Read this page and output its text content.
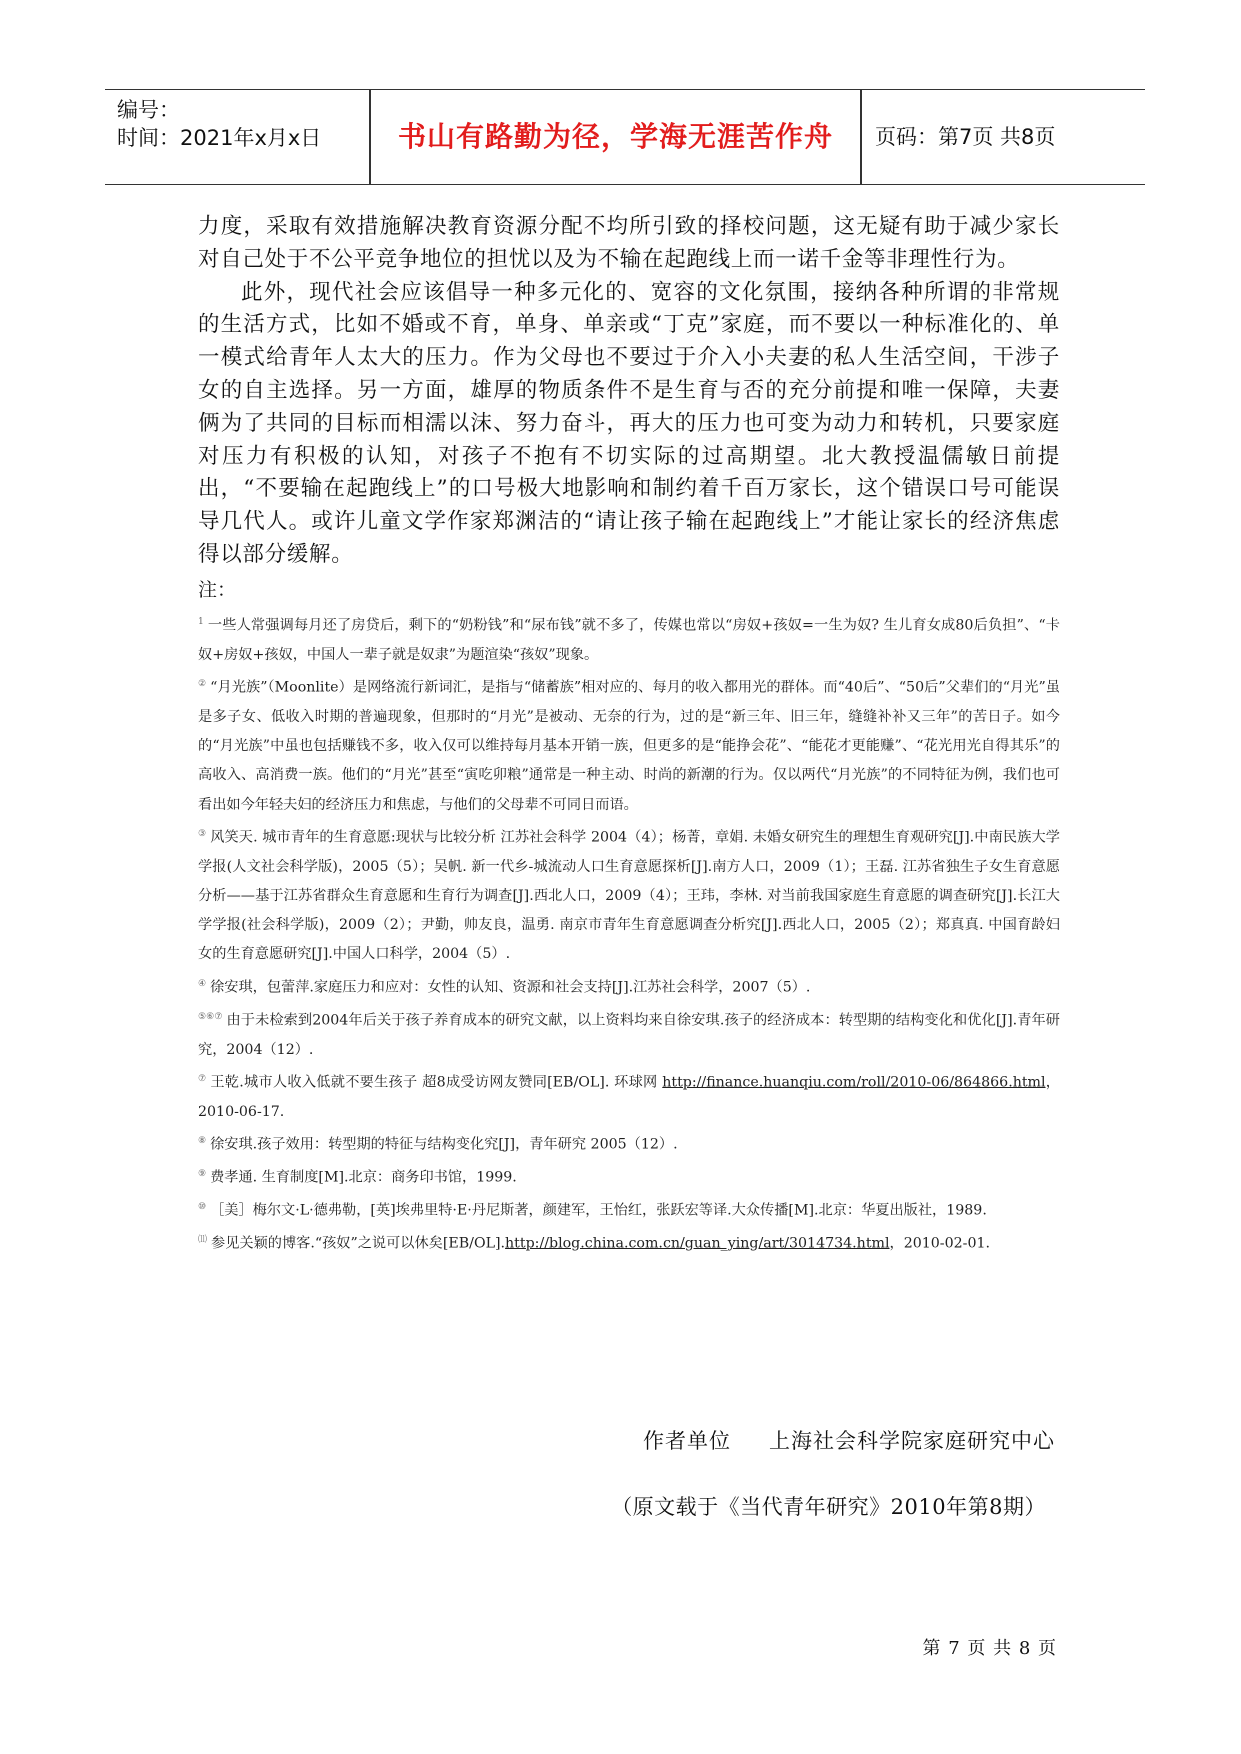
编号：
时间：2021年x月x日	书山有路勤为径，学海无涯苦作舟	页码：第7页 共8页

力度，采取有效措施解决教育资源分配不均所引致的择校问题，这无疑有助于减少家长对自己处于不公平竞争地位的担忧以及为不输在起跑线上而一诺千金等非理性行为。

此外，现代社会应该倡导一种多元化的、宽容的文化氛围，接纳各种所谓的非常规的生活方式，比如不婚或不育，单身、单亲或“丁克”家庭，而不要以一种标准化的、单一模式给青年人太大的压力。作为父母也不要过于介入小夫妻的私人生活空间，干涉子女的自主选择。另一方面，雄厚的物质条件不是生育与否的充分前提和唯一保障，夫妻俩为了共同的目标而相濡以沫、努力奋斗，再大的压力也可变为动力和转机，只要家庭对压力有积极的认知，对孩子不抱有不切实际的过高期望。北大教授温儒敏日前提出，“不要输在起跑线上”的口号极大地影响和制约着千百万家长，这个错误口号可能误导几代人。或许儿童文学作家郑渊洁的“请让孩子输在起跑线上”才能让家长的经济焦虑得以部分缓解。

注：

$^1$ 一些人常强调每月还了房贷后，剩下的“奶粉钱”和“尿布钱”就不多了，传媒也常以“房奴+孩奴=一生为奴? 生儿育女成80后负担”、“卡奴+房奴+孩奴，中国人一辈子就是奴隶”为题渲染“孩奴”现象。

② “月光族”（Moonlite）是网络流行新词汇，是指与“储蓄族”相对应的、每月的收入都用光的群体。而“40后”、“50后”父辈们的“月光”虽是多子女、低收入时期的普遍现象，但那时的“月光”是被动、无奈的行为，过的是“新三年、旧三年，缝缝补补又三年”的苦日子。如今的“月光族”中虽也包括赚钱不多，收入仅可以维持每月基本开销一族，但更多的是“能挣会花”、“能花才更能赚”、“花光用光自得其乐”的高收入、高消费一族。他们的“月光”甚至“寅吃卯粮”通常是一种主动、时尚的新潮的行为。仅以两代“月光族”的不同特征为例，我们也可看出如今年轻夫妇的经济压力和焦虑，与他们的父母辈不可同日而语。

③ 风笑天. 城市青年的生育意愿:现状与比较分析 江苏社会科学 2004（4）；杨菁，章娟. 未婚女研究生的理想生育观研究[J].中南民族大学学报(人文社会科学版)，2005（5）；吴帆. 新一代乡-城流动人口生育意愿探析[J].南方人口，2009（1）；王磊. 江苏省独生子女生育意愿分析——基于江苏省群众生育意愿和生育行为调查[J].西北人口，2009（4）；王玮，李林. 对当前我国家庭生育意愿的调查研究[J].长江大学学报(社会科学版)，2009（2）；尹勤，帅友良，温勇. 南京市青年生育意愿调查分析究[J].西北人口，2005（2）；郑真真. 中国育龄妇女的生育意愿研究[J].中国人口科学，2004（5）.

④ 徐安琪，包蕾萍.家庭压力和应对：女性的认知、资源和社会支持[J].江苏社会科学，2007（5）.

⑤⑥⑦ 由于未检索到2004年后关于孩子养育成本的研究文献，以上资料均来自徐安琪.孩子的经济成本：转型期的结构变化和优化[J].青年研究，2004（12）.

⑦ 王乾.城市人收入低就不要生孩子 超8成受访网友赞同[EB/OL]. 环球网 http://finance.huanqiu.com/roll/2010-06/864866.html，2010-06-17.

⑧ 徐安琪.孩子效用：转型期的特征与结构变化究[J]，青年研究 2005（12）.

⑨ 费孝通. 生育制度[M].北京：商务印书馆，1999.

⑩ ［美］梅尔文·L·德弗勒，[英]埃弗里特·E·丹尼斯著，颜建军，王怡红，张跃宏等译.大众传播[M].北京：华夏出版社，1989.

⑾ 参见关颖的博客.“孩奴”之说可以休矣[EB/OL].http://blog.china.com.cn/guan_ying/art/3014734.html，2010-02-01.

作者单位 上海社会科学院家庭研究中心
（原文载于《当代青年研究》2010年第8期）
第 7 页 共 8 页
